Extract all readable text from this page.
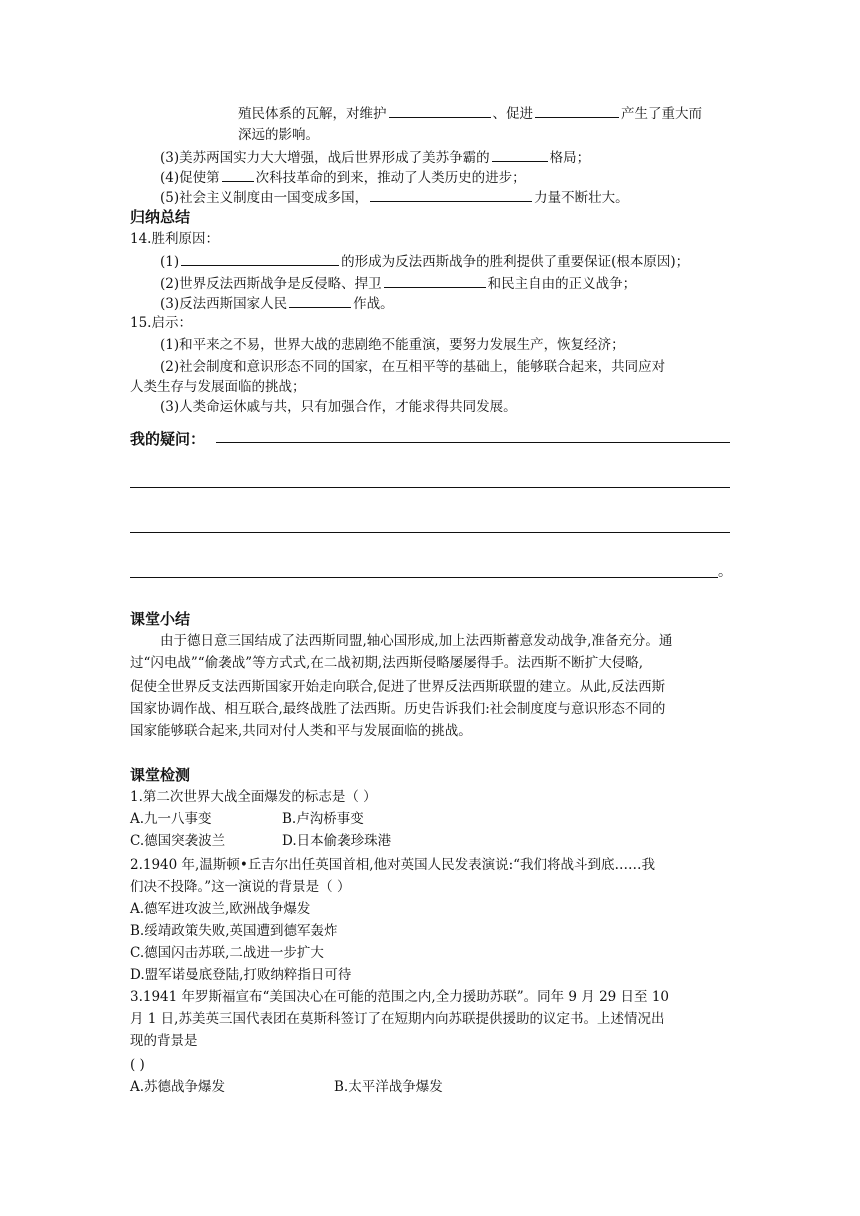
殖民体系的瓦解，对维护	、促进	产生了重大而
深远的影响。
(3)美苏两国实力大大增强，战后世界形成了美苏争霸的	格局；
(4)促使第	次科技革命的到来，推动了人类历史的进步；
(5)社会主义制度由一国变成多国，	力量不断壮大。
归纳总结
14.胜利原因：
(1)	的形成为反法西斯战争的胜利提供了重要保证(根本原因)；
(2)世界反法西斯战争是反侵略、捍卫	和民主自由的正义战争；
(3)反法西斯国家人民	作战。
15.启示：
(1)和平来之不易，世界大战的悲剧绝不能重演，要努力发展生产，恢复经济；
(2)社会制度和意识形态不同的国家，在互相平等的基础上，能够联合起来，共同应对
人类生存与发展面临的挑战；
(3)人类命运休戚与共，只有加强合作，才能求得共同发展。
我的疑问：
。
课堂小结
由于德日意三国结成了法西斯同盟,轴心国形成,加上法西斯蓄意发动战争,准备充分。通
过“闪电战”“偷袭战”等方式式,在二战初期,法西斯侵略屡屡得手。法西斯不断扩大侵略,
促使全世界反支法西斯国家开始走向联合,促进了世界反法西斯联盟的建立。从此,反法西斯
国家协调作战、相互联合,最终战胜了法西斯。历史告诉我们:社会制度度与意识形态不同的
国家能够联合起来,共同对付人类和平与发展面临的挑战。
课堂检测
1.第二次世界大战全面爆发的标志是（ ）
A.九一八事变	B.卢沟桥事变
C.德国突袭波兰	D.日本偷袭珍珠港
2.1940 年,温斯顿•丘吉尔出任英国首相,他对英国人民发表演说:“我们将战斗到底……我
们决不投降。”这一演说的背景是（ ）
A.德军进攻波兰,欧洲战争爆发
B.绥靖政策失败,英国遭到德军轰炸
C.德国闪击苏联,二战进一步扩大
D.盟军诺曼底登陆,打败纳粹指日可待
3.1941 年罗斯福宣布“美国决心在可能的范围之内,全力援助苏联”。同年 9 月 29 日至 10
月 1 日,苏美英三国代表团在莫斯科签订了在短期内向苏联提供援助的议定书。上述情况出
现的背景是
( )
A.苏德战争爆发	B.太平洋战争爆发
